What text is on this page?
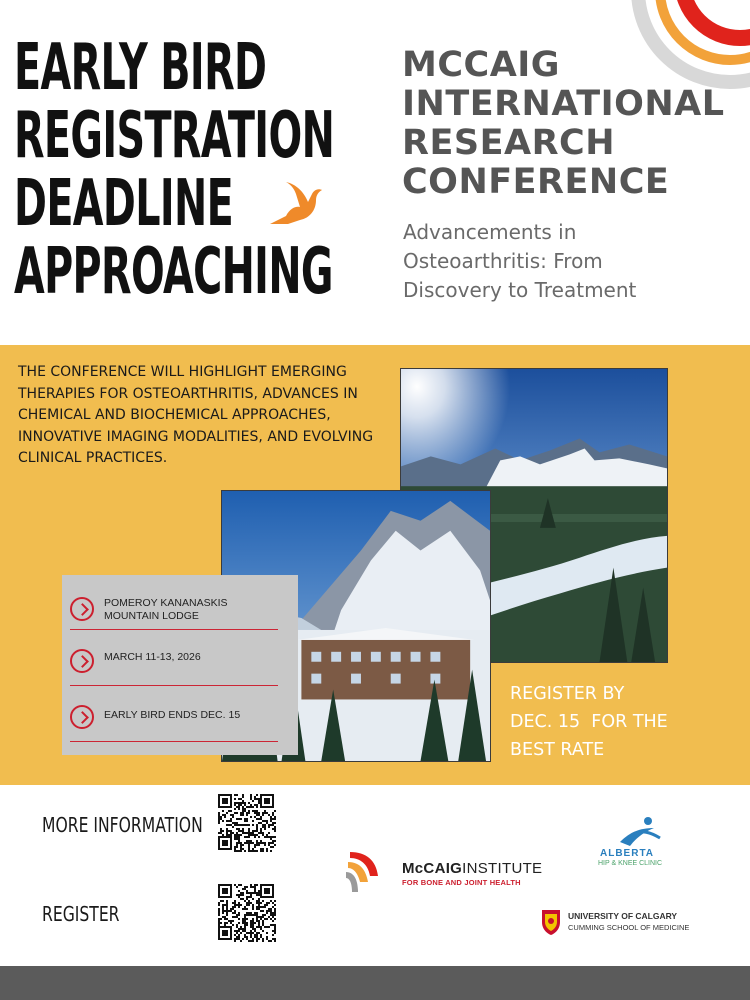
EARLY BIRD
REGISTRATION
DEADLINE
APPROACHING
MCCAIG
INTERNATIONAL
RESEARCH
CONFERENCE
Advancements in
Osteoarthritis: From
Discovery to Treatment
THE CONFERENCE WILL HIGHLIGHT EMERGING THERAPIES FOR OSTEOARTHRITIS, ADVANCES IN CHEMICAL AND BIOCHEMICAL APPROACHES, INNOVATIVE IMAGING MODALITIES, AND EVOLVING CLINICAL PRACTICES.
POMEROY KANANASKIS MOUNTAIN LODGE
MARCH 11-13, 2026
EARLY BIRD ENDS DEC. 15
REGISTER BY
DEC. 15  FOR THE
BEST RATE
MORE INFORMATION
REGISTER
McCAIGINSTITUTE
FOR BONE AND JOINT HEALTH
ALBERTA
HIP & KNEE CLINIC
UNIVERSITY OF CALGARY
CUMMING SCHOOL OF MEDICINE
